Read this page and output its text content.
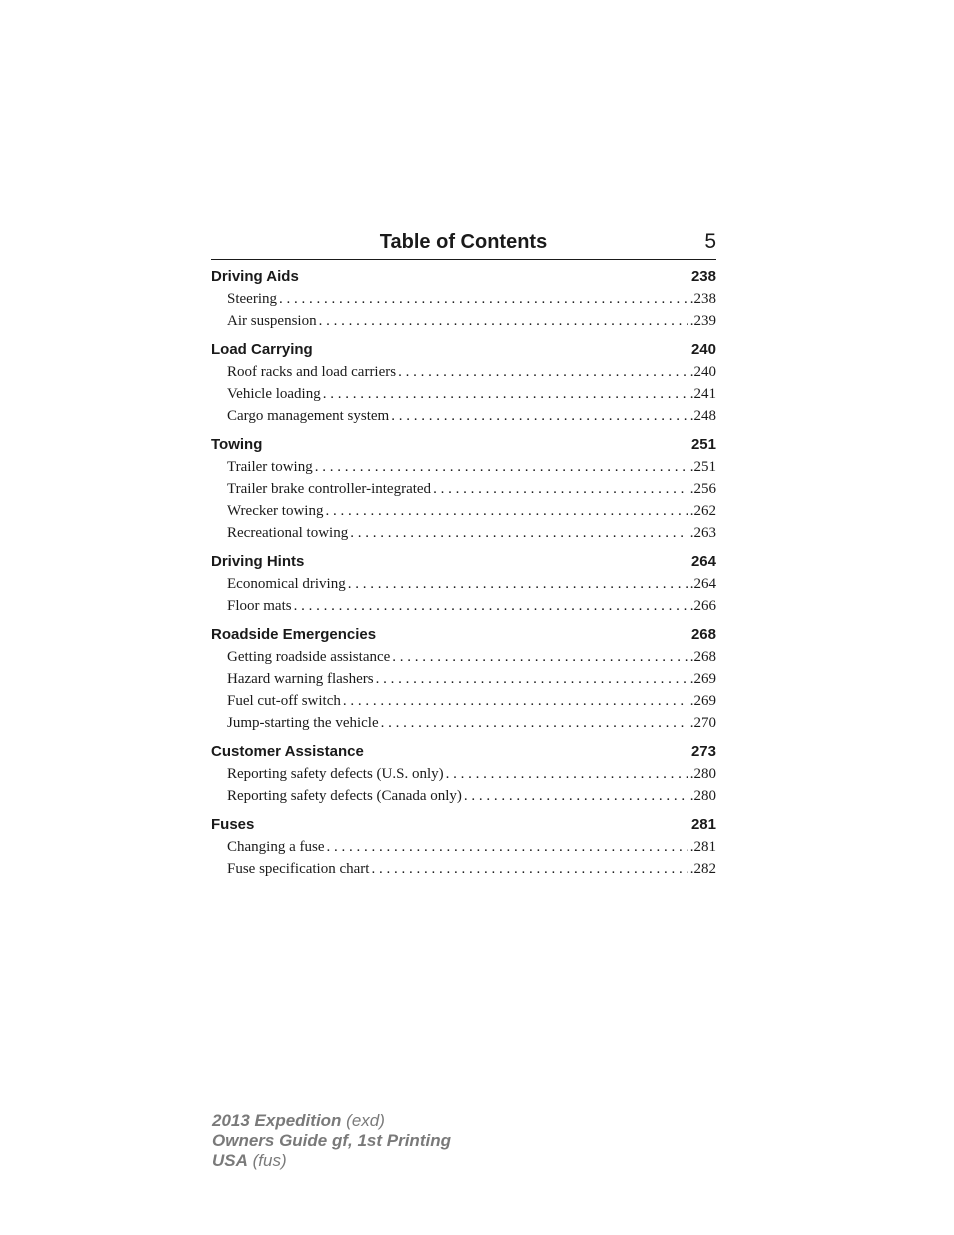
Table of Contents	5
Driving Aids	238
Steering . . .	.238
Air suspension . . .	.239
Load Carrying	240
Roof racks and load carriers . . .	.240
Vehicle loading . . .	.241
Cargo management system . . .	.248
Towing	251
Trailer towing . . .	.251
Trailer brake controller-integrated . . .	.256
Wrecker towing . . .	.262
Recreational towing . . .	.263
Driving Hints	264
Economical driving . . .	.264
Floor mats . . .	.266
Roadside Emergencies	268
Getting roadside assistance . . .	.268
Hazard warning flashers . . .	.269
Fuel cut-off switch . . .	.269
Jump-starting the vehicle . . .	.270
Customer Assistance	273
Reporting safety defects (U.S. only) . . .	.280
Reporting safety defects (Canada only) . . .	.280
Fuses	281
Changing a fuse . . .	.281
Fuse specification chart . . .	.282
2013 Expedition (exd)
Owners Guide gf, 1st Printing
USA (fus)
